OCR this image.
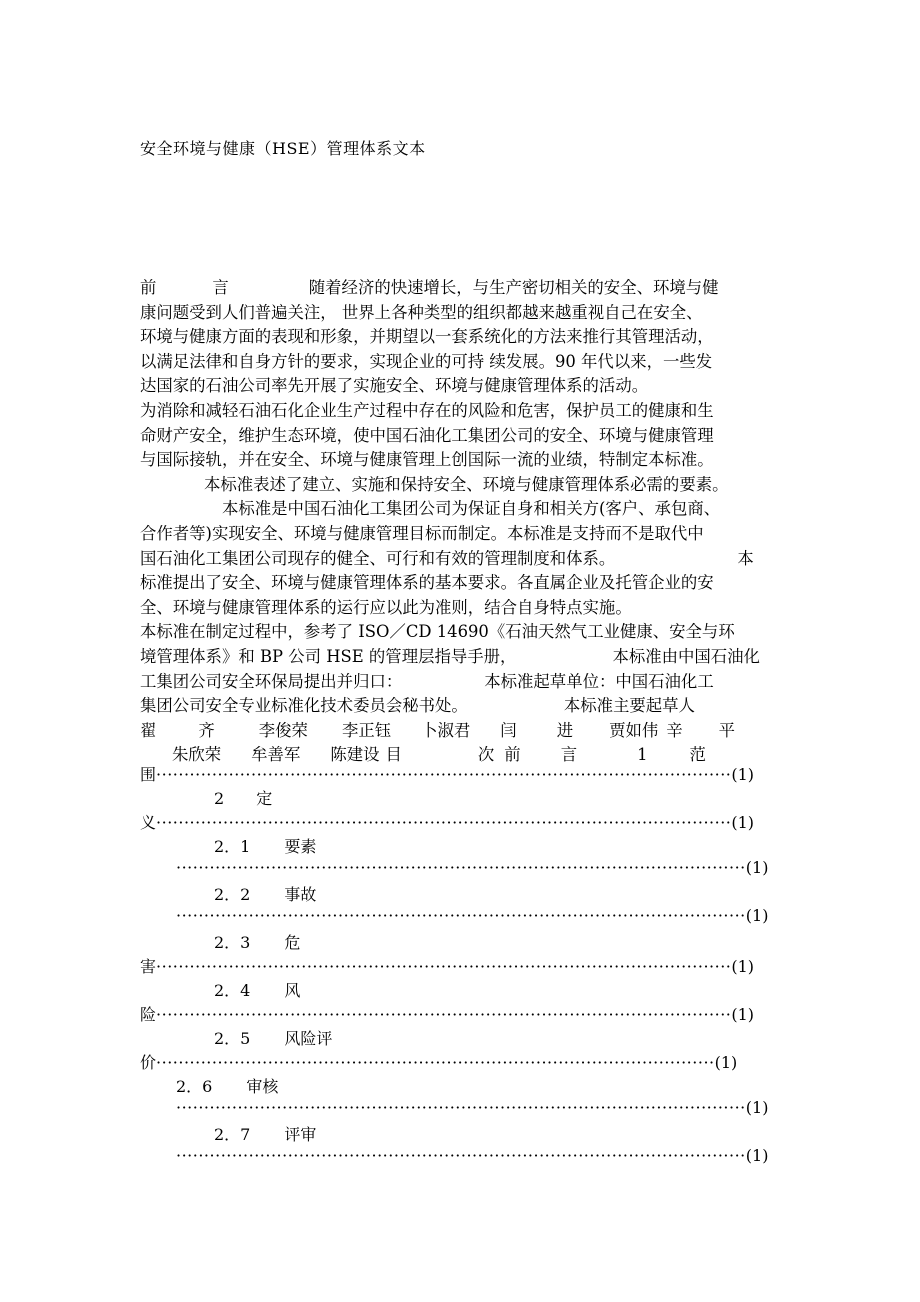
安全环境与健康（HSE）管理体系文本
前	言	随着经济的快速增长，与生产密切相关的安全、环境与健
康问题受到人们普遍关注， 世界上各种类型的组织都越来越重视自己在安全、
环境与健康方面的表现和形象，并期望以一套系统化的方法来推行其管理活动，
以满足法律和自身方针的要求，实现企业的可持 续发展。90 年代以来，一些发
达国家的石油公司率先开展了实施安全、环境与健康管理体系的活动。
为消除和减轻石油石化企业生产过程中存在的风险和危害，保护员工的健康和生
命财产安全，维护生态环境，使中国石油化工集团公司的安全、环境与健康管理
与国际接轨，并在安全、环境与健康管理上创国际一流的业绩，特制定本标准。
本标准表述了建立、实施和保持安全、环境与健康管理体系必需的要素。
本标准是中国石油化工集团公司为保证自身和相关方(客户、承包商、
合作者等)实现安全、环境与健康管理目标而制定。本标准是支持而不是取代中
国石油化工集团公司现存的健全、可行和有效的管理制度和体系。	本
标准提出了安全、环境与健康管理体系的基本要求。各直属企业及托管企业的安
全、环境与健康管理体系的运行应以此为准则，结合自身特点实施。
本标准在制定过程中，参考了 ISO／CD 14690《石油天然气工业健康、安全与环
境管理体系》和 BP 公司 HSE 的管理层指导手册，	本标准由中国石油化
工集团公司安全环保局提出并归口：	本标准起草单位：中国石油化工
集团公司安全专业标准化技术委员会秘书处。	本标准主要起草人
翟	齐	李俊荣 李正钰 卜淑君 闫 进 贾如伟 辛 平
朱欣荣 牟善军 陈建设 目	次 前 言	1	范
围·······································································································(1)
2 定
义·······································································································(1)
2．1 要素
······································································································(1)
2．2 事故
······································································································(1)
2．3 危
害·······································································································(1)
2．4 风
险·······································································································(1)
2．5 风险评
价····································································································(1)
2．6 审核
······································································································(1)
2．7 评审
······································································································(1)
